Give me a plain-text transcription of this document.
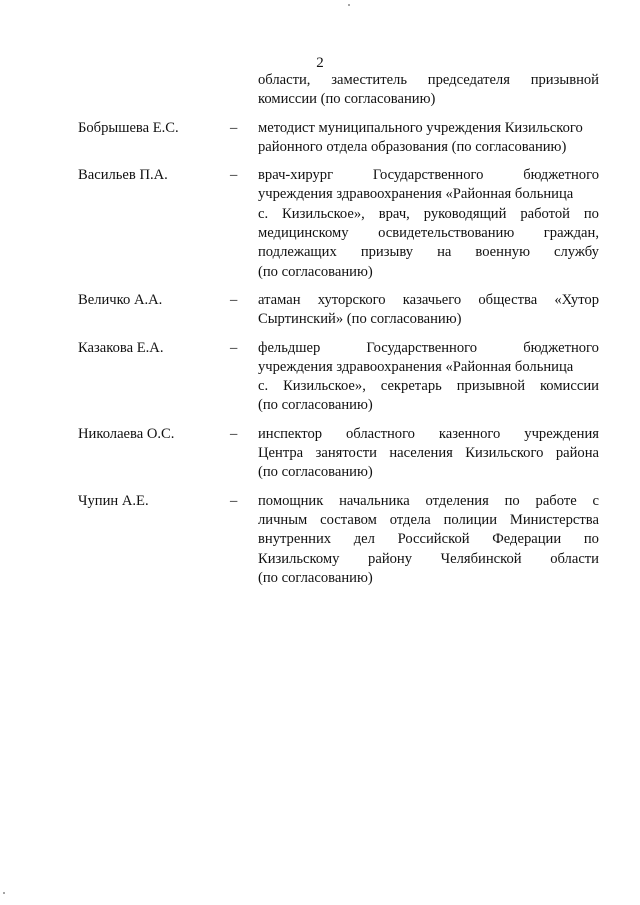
2
области, заместитель председателя призывной
комиссии (по согласованию)
Бобрышева Е.С.	– методист муниципального учреждения Кизильского
районного отдела образования (по согласованию)
Васильев П.А.	– врач-хирург	Государственного	бюджетного
учреждения здравоохранения «Районная больница
с. Кизильское», врач, руководящий работой по
медицинскому освидетельствованию граждан,
подлежащих призыву на военную службу
(по согласованию)
Величко А.А.	– атаман хуторского казачьего общества «Хутор
Сыртинский» (по согласованию)
Казакова Е.А.	– фельдшер	Государственного	бюджетного
учреждения здравоохранения «Районная больница
с. Кизильское», секретарь призывной комиссии
(по согласованию)
Николаева О.С.	– инспектор областного казенного учреждения
Центра занятости населения Кизильского района
(по согласованию)
Чупин А.Е.	– помощник начальника отделения по работе с
личным составом отдела полиции Министерства
внутренних дел Российской Федерации по
Кизильскому району Челябинской области
(по согласованию)
